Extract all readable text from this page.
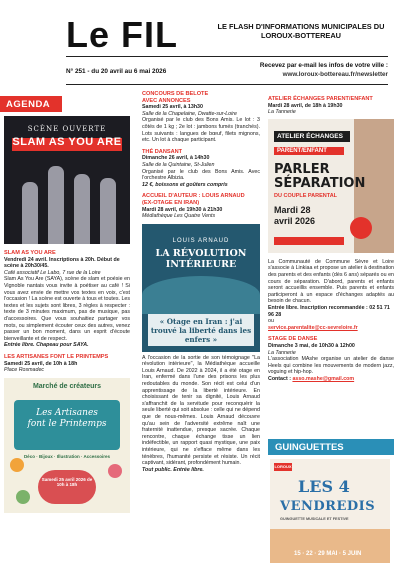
Le FIL	LE FLASH D'INFORMATIONS MUNICIPALES DU LOROUX-BOTTEREAU
N° 251 - du 20 avril au 6 mai 2026
Recevez par e-mail les infos de votre ville :
www.loroux-bottereau.fr/newsletter
AGENDA
SCÈNE OUVERTE
SLAM AS YOU ARE
SLAM AS YOU ARE
Vendredi 24 avril. Inscriptions à 20h. Début de scène à 20h30/45.
Café associatif Le Labo, 7 rue de la Loire
Slam As You Are (SAYA), scène de slam et poésie en Vignoble nantais vous invite à poétiser au café ! Si vous avez envie de mettre vos textes en voix, c'est l'occasion ! La scène est ouverte à tous et toutes. Les textes et les sujets sont libres, 3 règles à respecter : texte de 3 minutes maximum, pas de musique, pas d'accessoires. Que vous souhaitiez partager vos mots, ou simplement écouter ceux des autres, venez passer un bon moment, dans un esprit d'écoute bienveillante et de respect.
Entrée libre. Chapeau pour SAYA.
LES ARTISANES FONT LE PRINTEMPS
Samedi 25 avril, de 10h à 18h
Place Rosmadec
Marché de créateurs
Les Artisanes
font le Printemps
Déco · Bijoux · Illustration · Accessoires
Samedi 25 avril 2026 de 10h à 18h
CONCOURS DE BELOTE
AVEC ANNONCES
Samedi 25 avril, à 13h30
Salle de la Chapelaine, Dwatte-sur-Loire
Organisé par le club des Bons Amis. Le lot : 3 côtés de 1 kg ; 2e lot : jambons fumés (tranchés). Lots suivants : langues de bœuf, filets mignons, etc. Un lot à chaque participant.
THÉ DANSANT
Dimanche 26 avril, à 14h30
Salle de la Quintaine, St-Julien
Organisé par le club des Bons Amis. Avec l'orchestre Albizia.
12 €, boissons et goûters compris
ACCUEIL D'AUTEUR : LOUIS ARNAUD
(EX-OTAGE EN IRAN)
Mardi 28 avril, de 19h30 à 21h30
Médiathèque Les Quatre Vents
LOUIS ARNAUD
LA RÉVOLUTION
INTÉRIEURE
« Otage en Iran : j'ai trouvé la liberté dans les enfers »
A l'occasion de la sortie de son témoignage "La révolution intérieure", la Médiathèque accueille Louis Arnaud. De 2022 à 2024, il a été otage en Iran, enfermé dans l'une des prisons les plus redoutables du monde. Son récit est celui d'un apprentissage de la liberté intérieure. En choisissant de tenir sa dignité, Louis Arnaud s'affranchit de la servitude pour reconquérir la seule liberté qui soit absolue : celle qui ne dépend que de nous-mêmes. Louis Arnaud découvre qu'au sein de l'adversité extrême naît une fraternité inattendue, presque sacrée. Chaque rencontre, chaque échange tisse un lien indéfectible, un rapport quasi mystique, une paix intérieure, qui ne s'efface même dans les ténèbres, l'humanité persiste et résiste. Un récit captivant, sidérant, profondément humain.
Tout public. Entrée libre.
ATELIER ÉCHANGES PARENT/ENFANT
Mardi 28 avril, de 18h à 19h30
La Tannerie
ATELIER ÉCHANGES
PARENT/ENFANT
PARLER
SÉPARATION
DU COUPLE PARENTAL
Mardi 28
avril 2026
La Communauté de Commune Sèvre et Loire s'associe à Linkiaa et propose un atelier à destination des parents et des enfants (dès 6 ans) séparés ou en cours de séparation. D'abord, parents et enfants seront accueillis ensemble. Puis parents et enfants participeront à un espace d'échanges adaptés au besoin de chacun.
Entrée libre. Inscription recommandée : 02 51 71 96 28
ou
service.parentalite@cc-sevreloire.fr
STAGE DE DANSE
Dimanche 3 mai, de 10h30 à 12h00
La Tannerie
L'association MAshe organise un atelier de danse Heels qui combine les mouvements de modern jazz, voguing et hip-hop.
Contact : asso.mashe@gmail.com
GUINGUETTES
LOROUX
LES 4
VENDREDIS
GUINGUETTE MUSICALE ET FESTIVE
15 · 22 · 29 MAI · 5 JUIN
